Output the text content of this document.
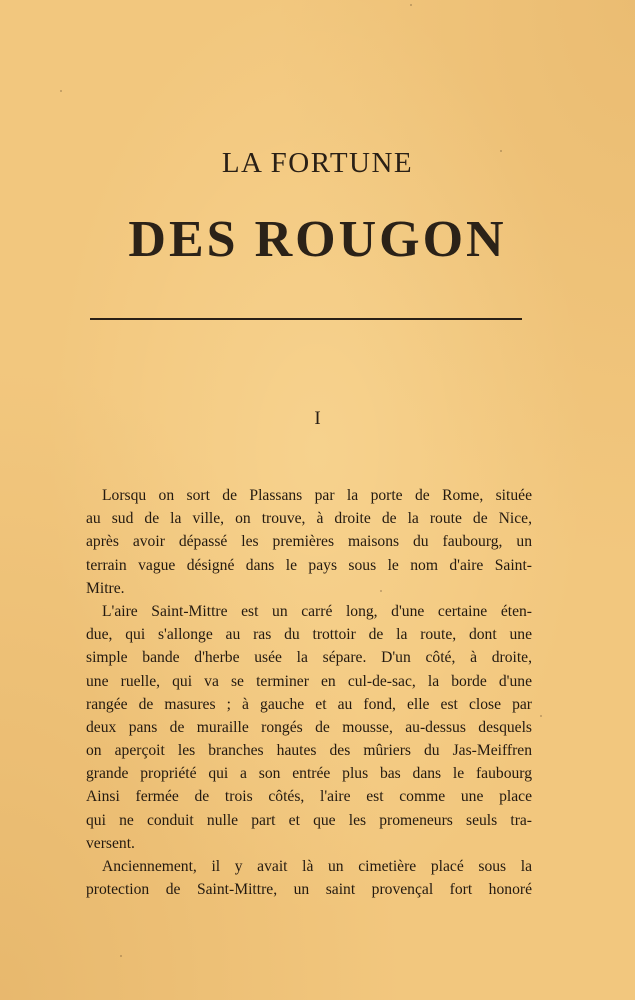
LA FORTUNE
DES ROUGON
I
Lorsqu on sort de Plassans par la porte de Rome, située
au sud de la ville, on trouve, à droite de la route de Nice,
après avoir dépassé les premières maisons du faubourg, un
terrain vague désigné dans le pays sous le nom d'aire Saint-
Mitre.
L'aire Saint-Mittre est un carré long, d'une certaine éten-
due, qui s'allonge au ras du trottoir de la route, dont une
simple bande d'herbe usée la sépare. D'un côté, à droite,
une ruelle, qui va se terminer en cul-de-sac, la borde d'une
rangée de masures ; à gauche et au fond, elle est close par
deux pans de muraille rongés de mousse, au-dessus desquels
on aperçoit les branches hautes des mûriers du Jas-Meiffren
grande propriété qui a son entrée plus bas dans le faubourg
Ainsi fermée de trois côtés, l'aire est comme une place
qui ne conduit nulle part et que les promeneurs seuls tra-
versent.
Anciennement, il y avait là un cimetière placé sous la
protection de Saint-Mittre, un saint provençal fort honoré
